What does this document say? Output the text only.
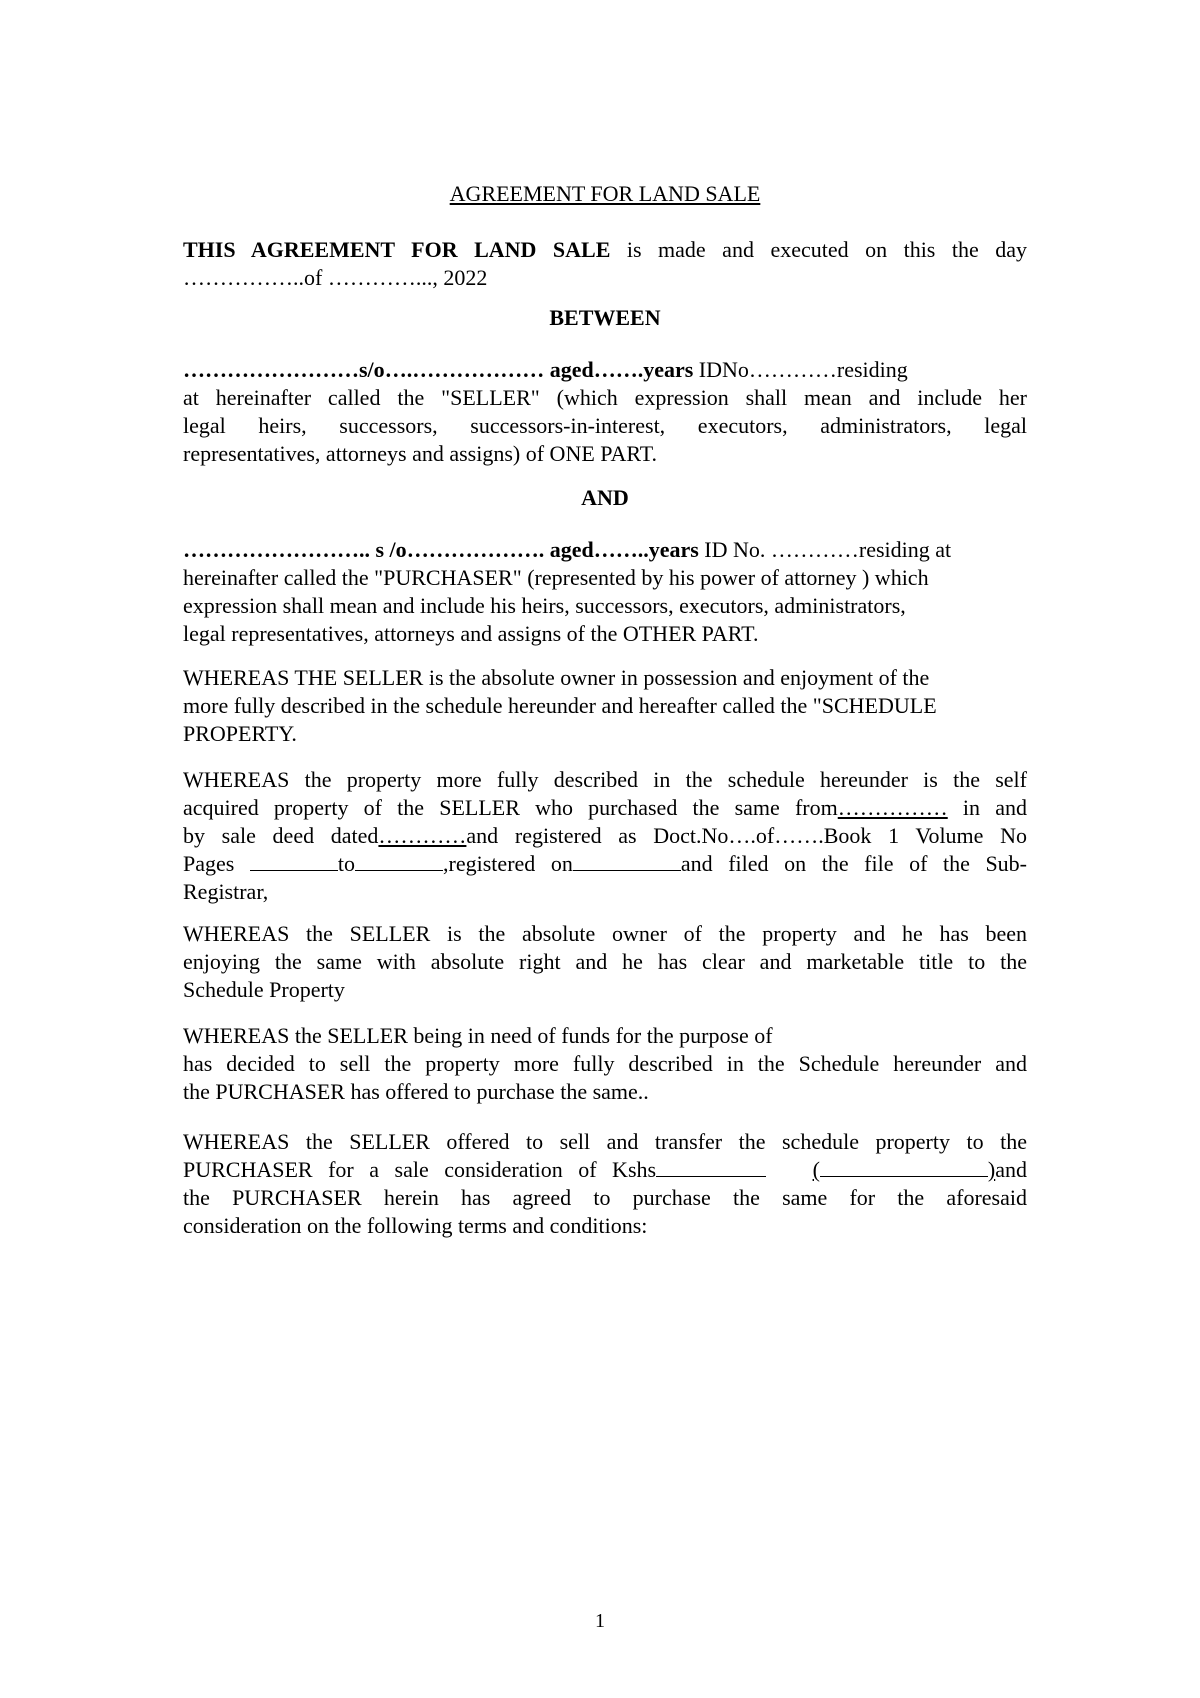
AGREEMENT FOR LAND SALE
THIS AGREEMENT FOR LAND SALE is made and executed on this the day
……………..of …………..., 2022
BETWEEN
……………………s/o….……………… aged…….years IDNo…………residing
at hereinafter called the "SELLER" (which expression shall mean and include her
legal heirs, successors, successors-in-interest, executors, administrators, legal
representatives, attorneys and assigns) of ONE PART.
AND
…………………….. s /o………………. aged……..years ID No. …………residing at
hereinafter called the "PURCHASER" (represented by his power of attorney ) which
expression shall mean and include his heirs, successors, executors, administrators,
legal representatives, attorneys and assigns of the OTHER PART.
WHEREAS THE SELLER is the absolute owner in possession and enjoyment of the
more fully described in the schedule hereunder and hereafter called the "SCHEDULE
PROPERTY.
WHEREAS the property more fully described in the schedule hereunder is the self
acquired property of the SELLER who purchased the same from…………… in and
by sale deed dated…………and registered as Doct.No….of…….Book 1 Volume No
Pages	to	,registered on	and filed on the file of the Sub-
Registrar,
WHEREAS the SELLER is the absolute owner of the property and he has been
enjoying the same with absolute right and he has clear and marketable title to the
Schedule Property
WHEREAS the SELLER being in need of funds for the purpose of
has decided to sell the property more fully described in the Schedule hereunder and
the PURCHASER has offered to purchase the same..
WHEREAS the SELLER offered to sell and transfer the schedule property to the
PURCHASER for a sale consideration of Kshs	(	)and
the PURCHASER herein has agreed to purchase the same for the aforesaid
consideration on the following terms and conditions:
1
